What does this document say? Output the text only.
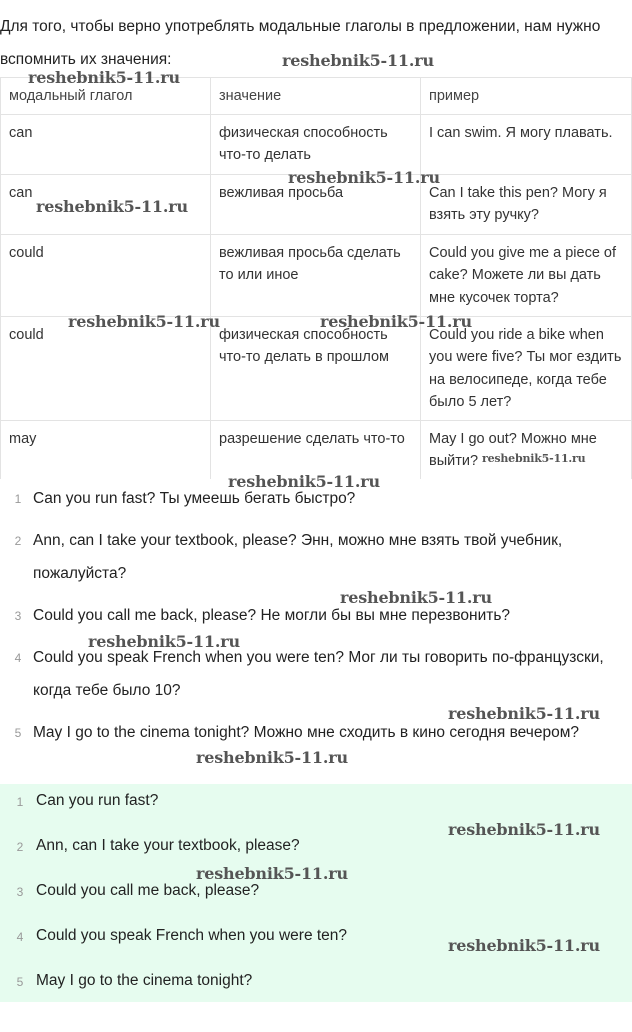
Для того, чтобы верно употреблять модальные глаголы в предложении, нам нужно вспомнить их значения:
модальный глагол	значение	пример
can	физическая способность что-то делать	I can swim. Я могу плавать.
can	вежливая просьба	Can I take this pen? Могу я взять эту ручку?
could	вежливая просьба сделать то или иное	Could you give me a piece of cake? Можете ли вы дать мне кусочек торта?
could	физическая способность что-то делать в прошлом	Could you ride a bike when you were five? Ты мог ездить на велосипеде, когда тебе было 5 лет?
may	разрешение сделать что-то	May I go out? Можно мне выйти?
1 Can you run fast? Ты умеешь бегать быстро?
2 Ann, can I take your textbook, please? Энн, можно мне взять твой учебник, пожалуйста?
3 Could you call me back, please? Не могли бы вы мне перезвонить?
4 Could you speak French when you were ten? Мог ли ты говорить по-французски, когда тебе было 10?
5 May I go to the cinema tonight? Можно мне сходить в кино сегодня вечером?
1 Can you run fast?
2 Ann, can I take your textbook, please?
3 Could you call me back, please?
4 Could you speak French when you were ten?
5 May I go to the cinema tonight?
reshebnik5-11.ru
reshebnik5-11.ru
reshebnik5-11.ru
reshebnik5-11.ru
reshebnik5-11.ru	reshebnik5-11.ru
reshebnik5-11.ru
reshebnik5-11.ru
reshebnik5-11.ru
reshebnik5-11.ru
reshebnik5-11.ru
reshebnik5-11.ru
reshebnik5-11.ru
reshebnik5-11.ru
reshebnik5-11.ru
